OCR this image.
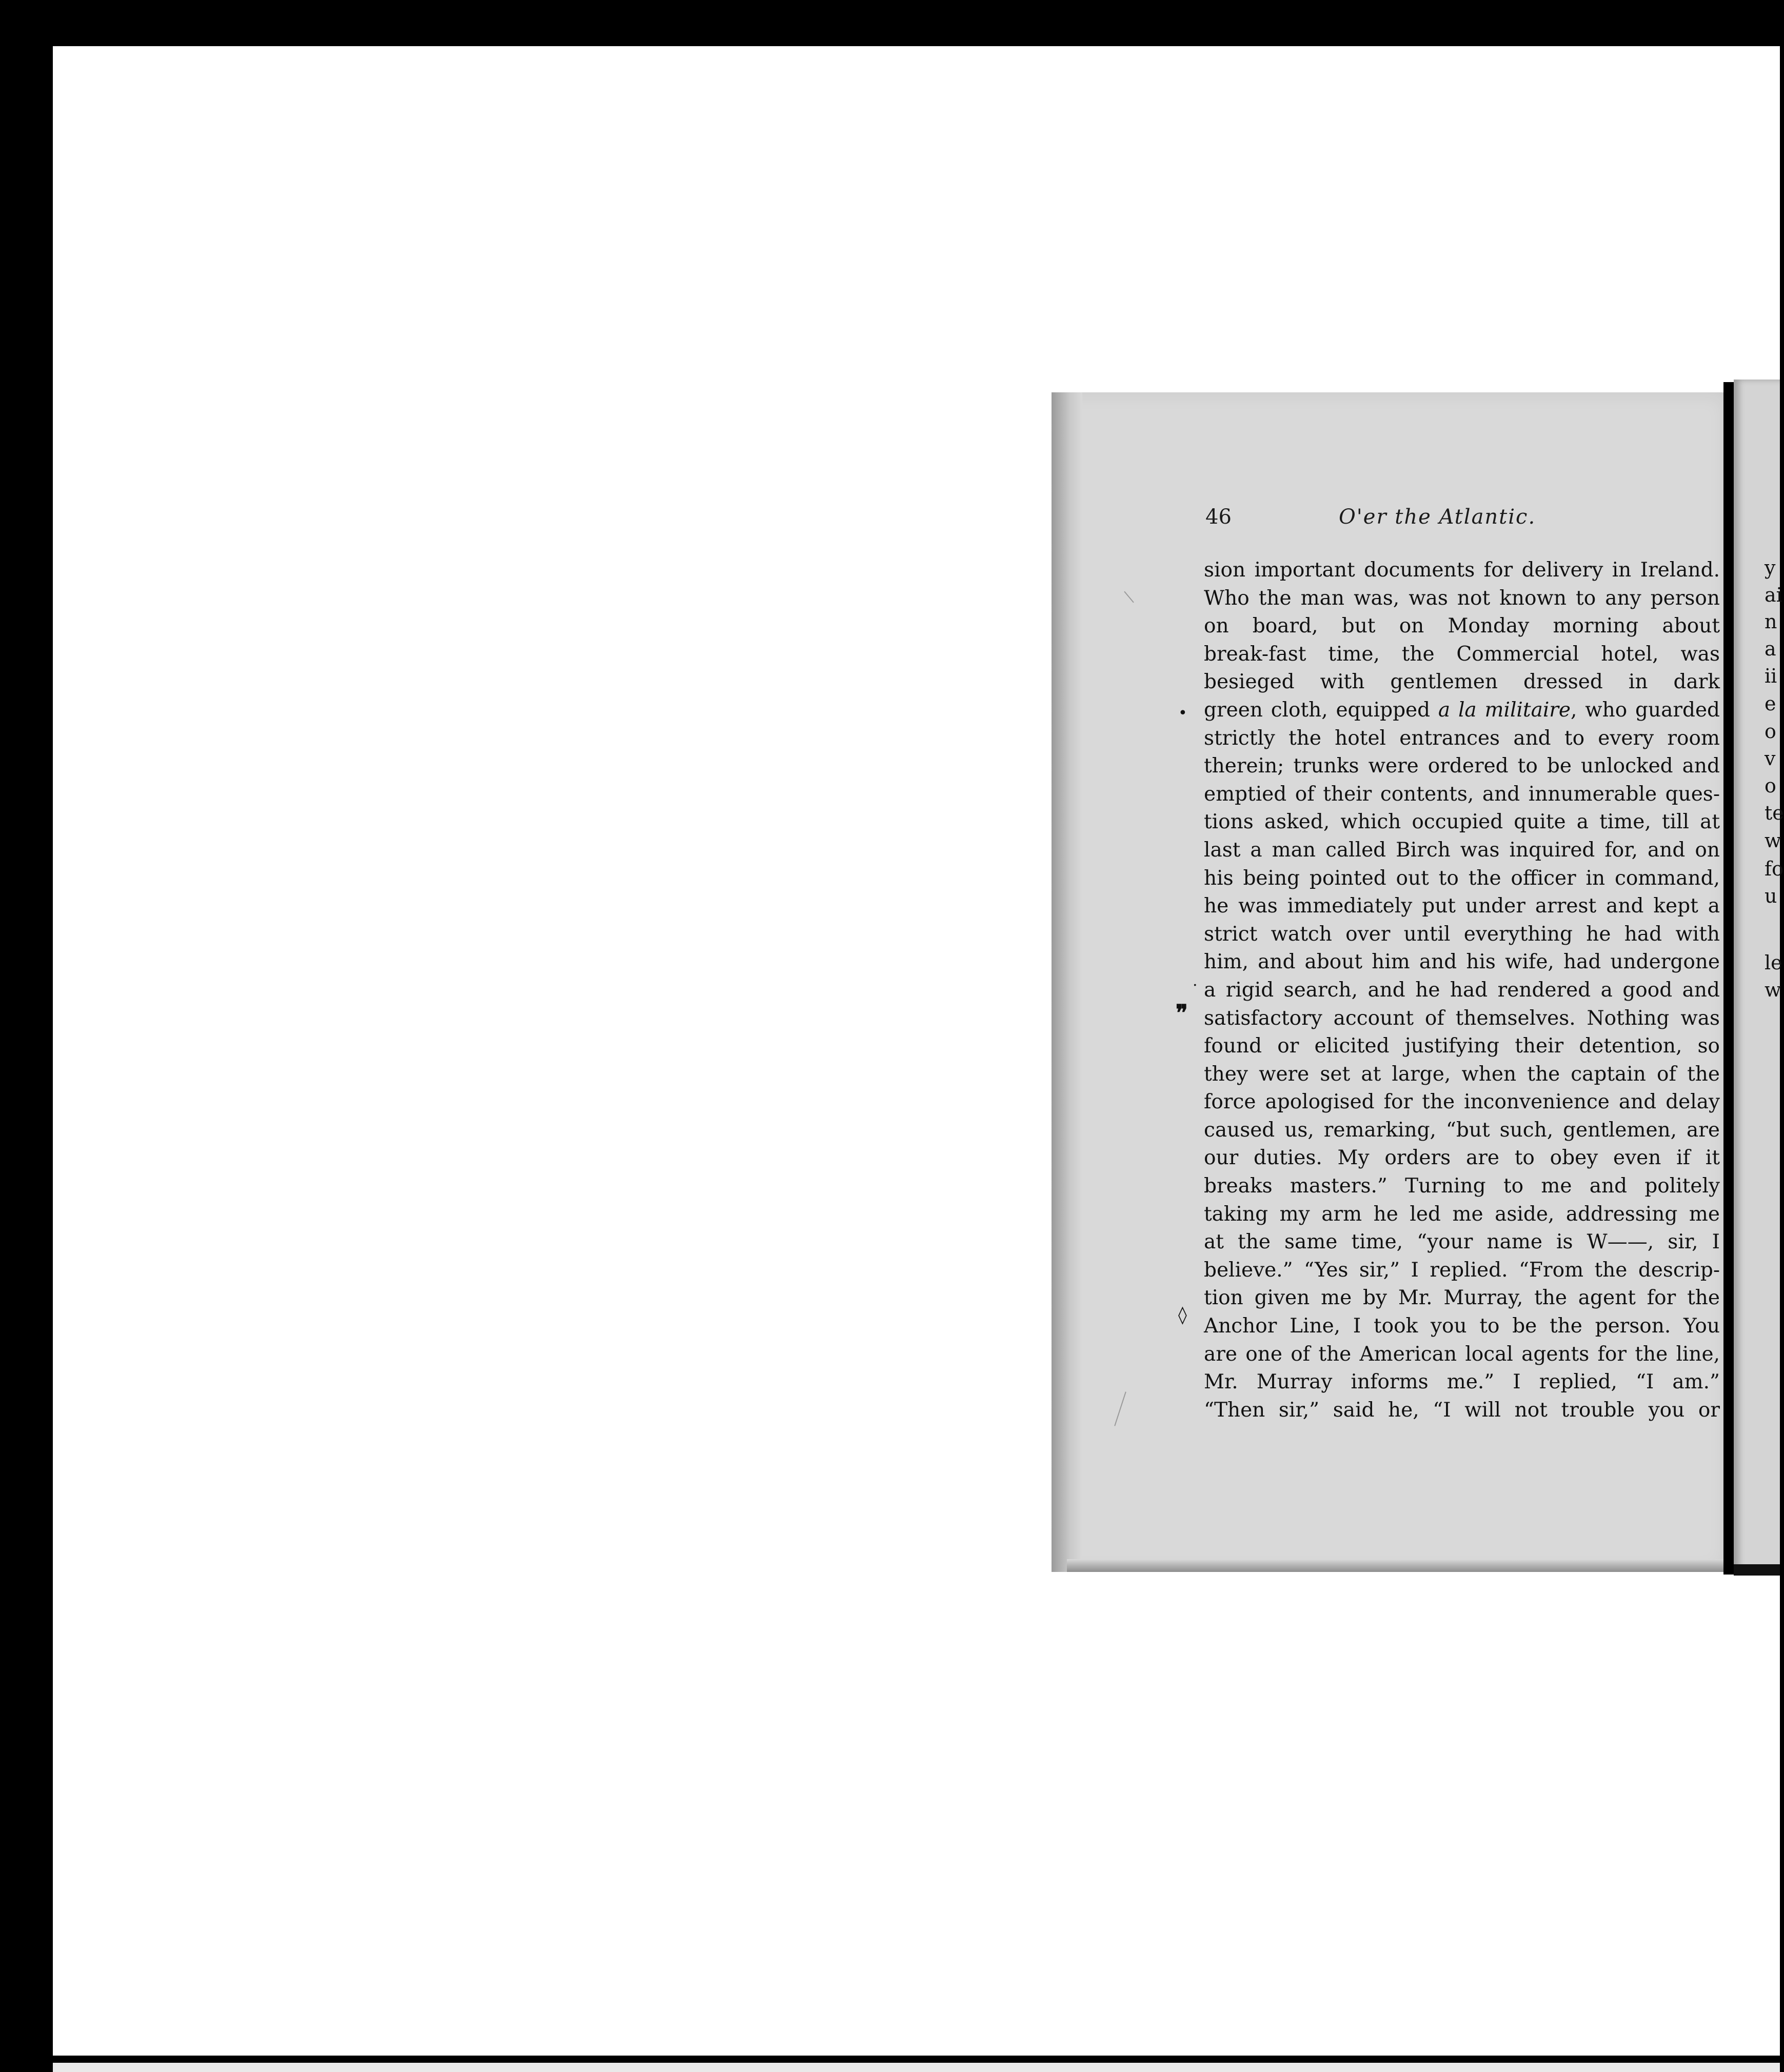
46	O'er the Atlantic.
sion important documents for delivery in Ireland.
Who the man was, was not known to any person
on board, but on Monday morning about
break-fast time, the Commercial hotel, was
besieged with gentlemen dressed in dark
green cloth, equipped a la militaire, who guarded
strictly the hotel entrances and to every room
therein; trunks were ordered to be unlocked and
emptied of their contents, and innumerable ques-
tions asked, which occupied quite a time, till at
last a man called Birch was inquired for, and on
his being pointed out to the officer in command,
he was immediately put under arrest and kept a
strict watch over until everything he had with
him, and about him and his wife, had undergone
a rigid search, and he had rendered a good and
satisfactory account of themselves. Nothing was
found or elicited justifying their detention, so
they were set at large, when the captain of the
force apologised for the inconvenience and delay
caused us, remarking, “but such, gentlemen, are
our duties. My orders are to obey even if it
breaks masters.” Turning to me and politely
taking my arm he led me aside, addressing me
at the same time, “your name is W——, sir, I
believe.” “Yes sir,” I replied. “From the descrip-
tion given me by Mr. Murray, the agent for the
Anchor Line, I took you to be the person. You
are one of the American local agents for the line,
Mr. Murray informs me.” I replied, “I am.”
“Then sir,” said he, “I will not trouble you or
y
ai
n
a
ii
e
o
v
o
te
w
fo
u
le
w
•
❞
◊
.
